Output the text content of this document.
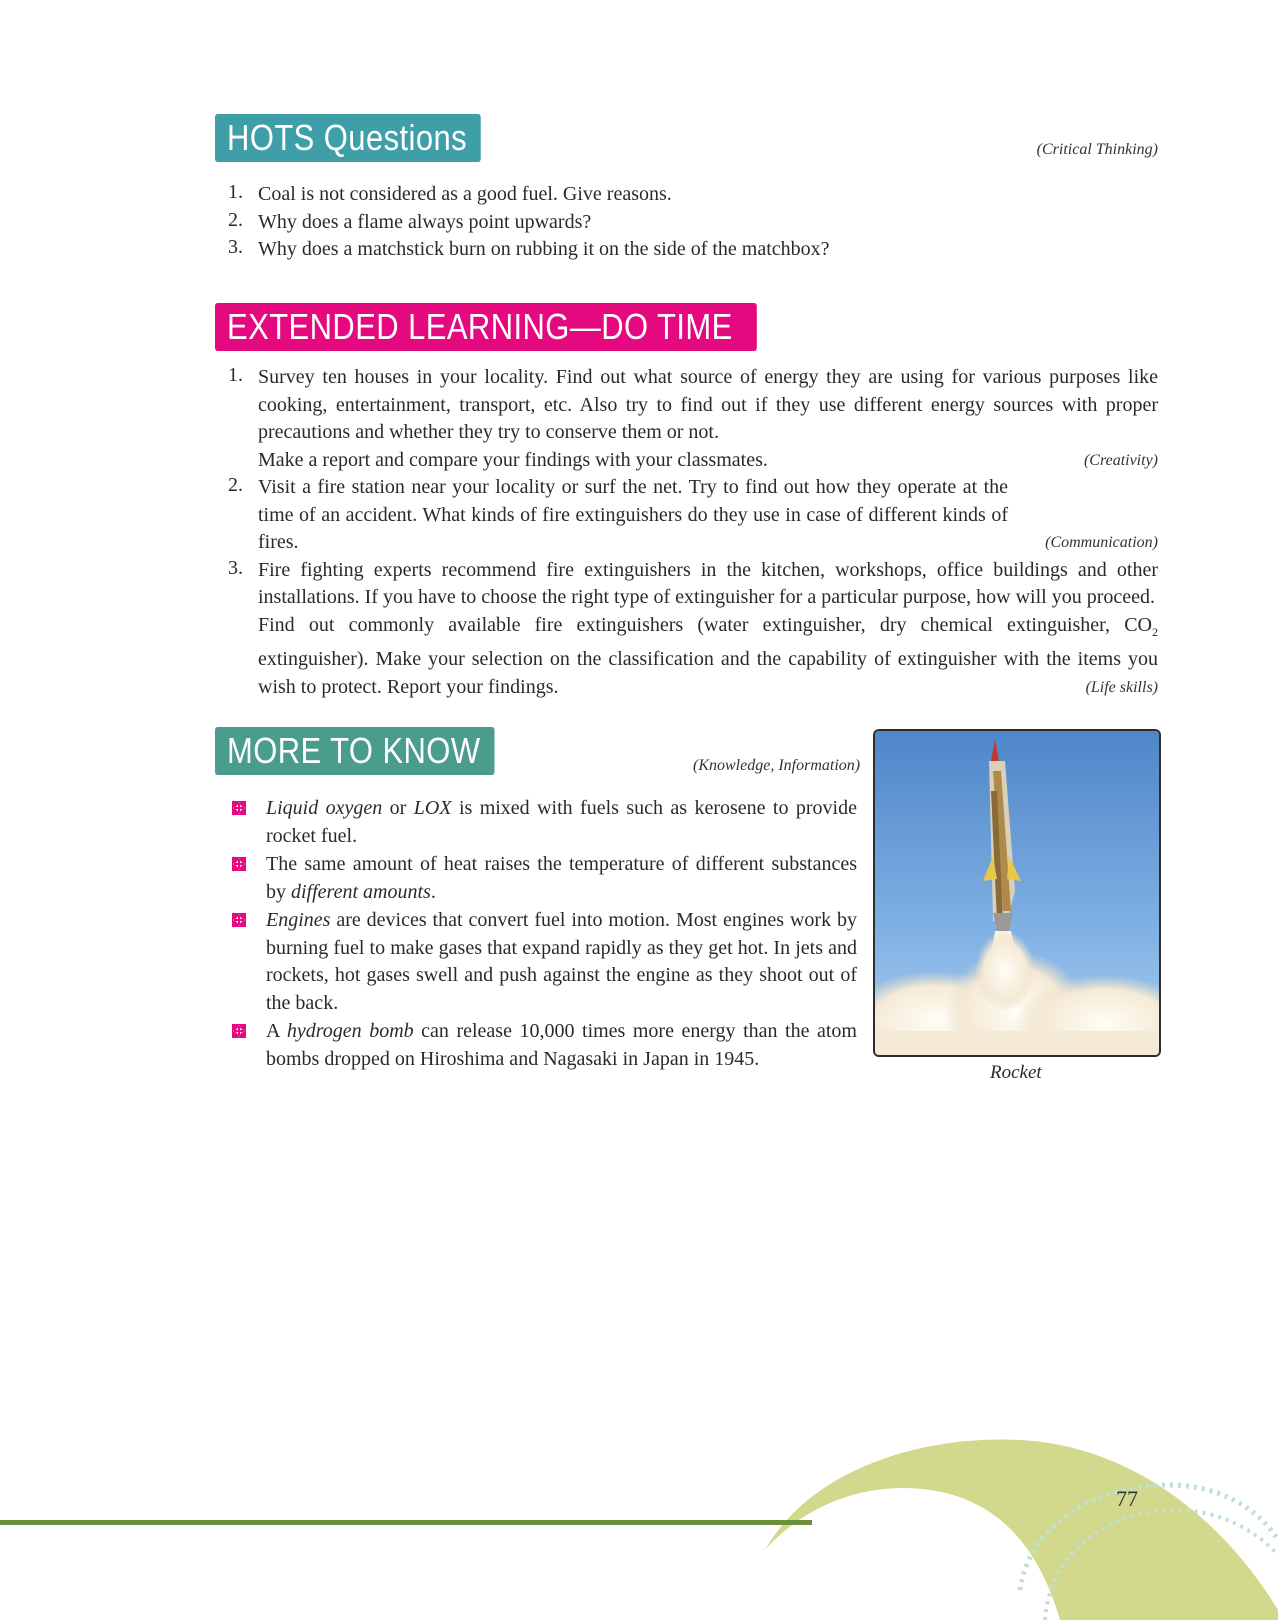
HOTS Questions	(Critical Thinking)
1. Coal is not considered as a good fuel. Give reasons.

2. Why does a flame always point upwards?

3. Why does a matchstick burn on rubbing it on the side of the matchbox?

EXTENDED LEARNING—DO TIME
1. Survey ten houses in your locality. Find out what source of energy they are using for various purposes like cooking, entertainment, transport, etc. Also try to find out if they use different energy sources with proper precautions and whether they try to conserve them or not.

Make a report and compare your findings with your classmates.	(Creativity)

2. Visit a fire station near your locality or surf the net. Try to find out how they operate at the time of an accident. What kinds of fire extinguishers do they use in case of different kinds of fires.	(Communication)

3. Fire fighting experts recommend fire extinguishers in the kitchen, workshops, office buildings and other installations. If you have to choose the right type of extinguisher for a particular purpose, how will you proceed.

Find out commonly available fire extinguishers (water extinguisher, dry chemical extinguisher, $CO_2$ extinguisher). Make your selection on the classification and the capability of extinguisher with the items you wish to protect. Report your findings.	(Life skills)

MORE TO KNOW	(Knowledge, Information)

Liquid oxygen or LOX is mixed with fuels such as kerosene to provide rocket fuel.

The same amount of heat raises the temperature of different substances by different amounts.

Engines are devices that convert fuel into motion. Most engines work by burning fuel to make gases that expand rapidly as they get hot. In jets and rockets, hot gases swell and push against the engine as they shoot out of the back.

A hydrogen bomb can release 10,000 times more energy than the atom bombs dropped on Hiroshima and Nagasaki in Japan in 1945.

Rocket
77
